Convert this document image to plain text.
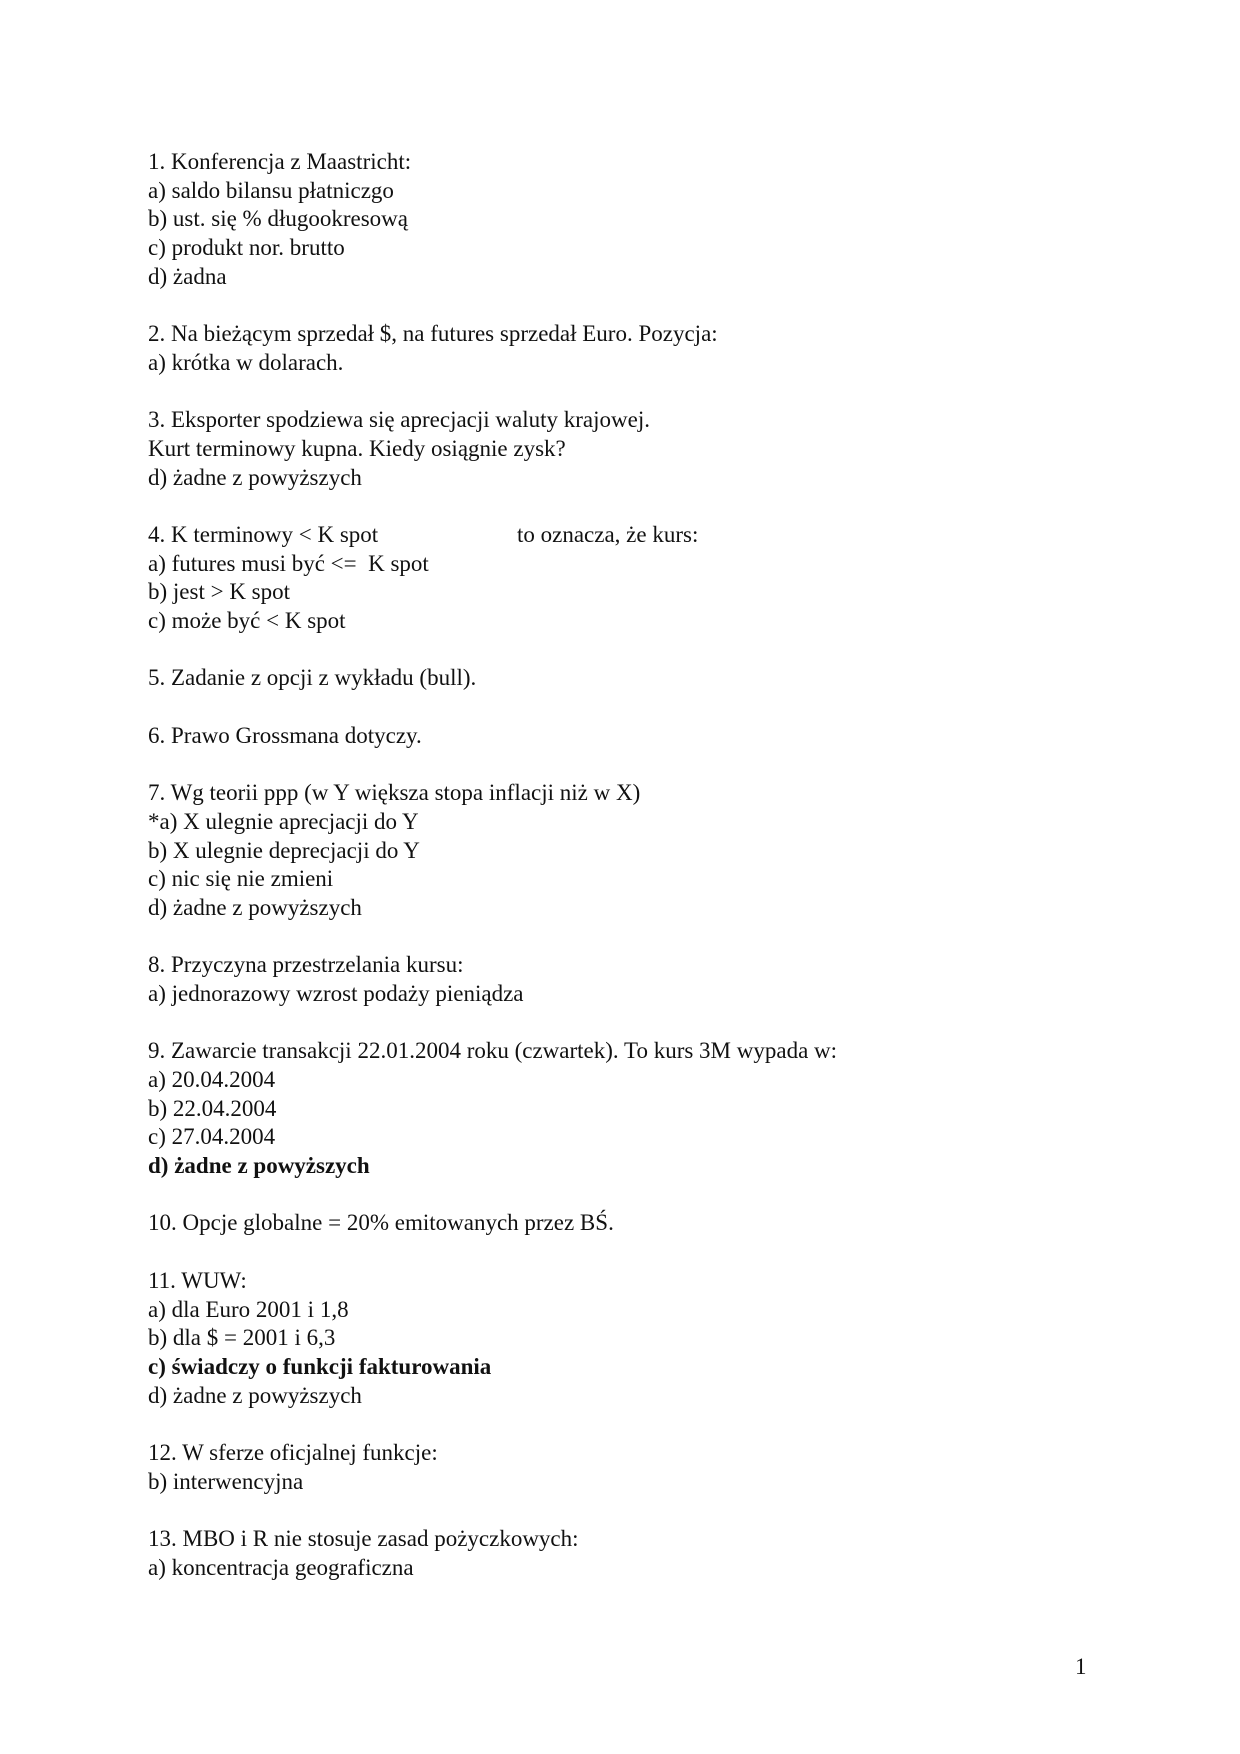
1. Konferencja z Maastricht:
a) saldo bilansu płatniczgo
b) ust. się % długookresową
c) produkt nor. brutto
d) żadna
2. Na bieżącym sprzedał $, na futures sprzedał Euro. Pozycja:
a) krótka w dolarach.
3. Eksporter spodziewa się aprecjacji waluty krajowej.
Kurt terminowy kupna. Kiedy osiągnie zysk?
d) żadne z powyższych
4. K terminowy < K spot	to oznacza, że kurs:
a) futures musi być <=  K spot
b) jest > K spot
c) może być < K spot
5. Zadanie z opcji z wykładu (bull).
6. Prawo Grossmana dotyczy.
7. Wg teorii ppp (w Y większa stopa inflacji niż w X)
*a) X ulegnie aprecjacji do Y
b) X ulegnie deprecjacji do Y
c) nic się nie zmieni
d) żadne z powyższych
8. Przyczyna przestrzelania kursu:
a) jednorazowy wzrost podaży pieniądza
9. Zawarcie transakcji 22.01.2004 roku (czwartek). To kurs 3M wypada w:
a) 20.04.2004
b) 22.04.2004
c) 27.04.2004
d) żadne z powyższych
10. Opcje globalne = 20% emitowanych przez BŚ.
11. WUW:
a) dla Euro 2001 i 1,8
b) dla $ = 2001 i 6,3
c) świadczy o funkcji fakturowania
d) żadne z powyższych
12. W sferze oficjalnej funkcje:
b) interwencyjna
13. MBO i R nie stosuje zasad pożyczkowych:
a) koncentracja geograficzna
1
